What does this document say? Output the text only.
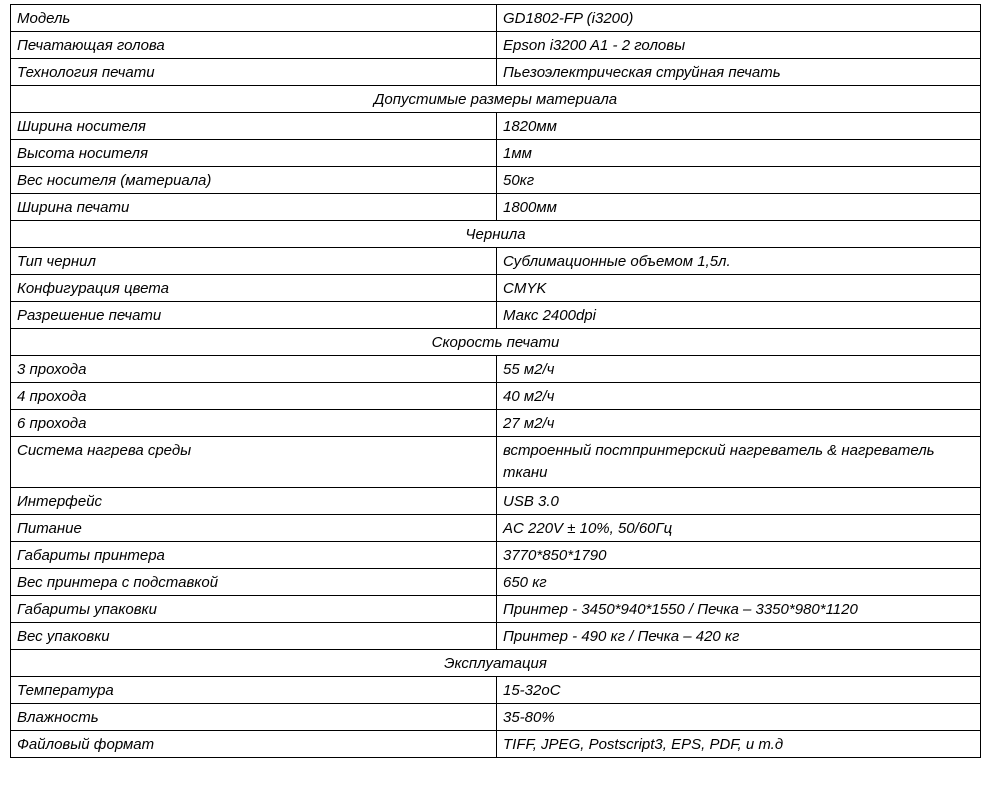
Модель	GD1802-FP (i3200)

Печатающая голова	Epson i3200 A1 - 2 головы

Технология печати	Пьезоэлектрическая струйная печать

Допустимые размеры материала	

Ширина носителя	1820мм

Высота носителя	1мм

Вес носителя (материала)	50кг

Ширина печати	1800мм

Чернила	

Тип чернил	Сублимационные объемом 1,5л.

Конфигурация цвета	CMYK

Разрешение печати	Макс 2400dpi

Скорость печати	

3 прохода	55 м2/ч

4 прохода	40 м2/ч

6 прохода	27 м2/ч

Система нагрева среды	встроенный постпринтерский нагреватель & нагреватель ткани

Интерфейс	USB 3.0

Питание	AC 220V ± 10%, 50/60Гц

Габариты принтера	3770*850*1790

Вес принтера с подставкой	650 кг

Габариты упаковки	Принтер - 3450*940*1550 / Печка – 3350*980*1120

Вес упаковки	Принтер - 490 кг / Печка – 420 кг

Эксплуатация	

Температура	15-32оС

Влажность	35-80%

Файловый формат	TIFF, JPEG, Postscript3, EPS, PDF, и т.д
